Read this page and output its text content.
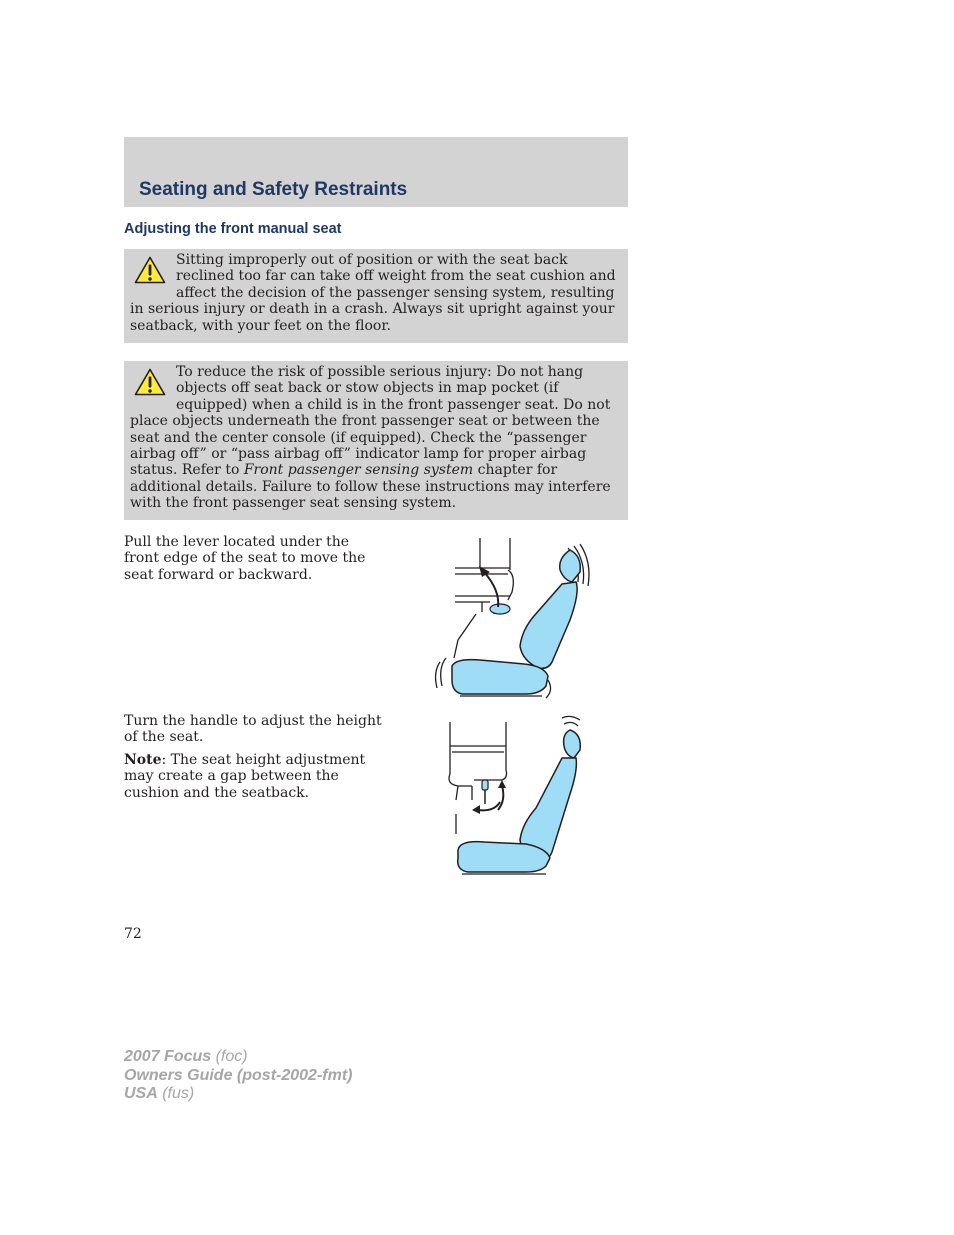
Seating and Safety Restraints
Adjusting the front manual seat

Sitting improperly out of position or with the seat back reclined too far can take off weight from the seat cushion and affect the decision of the passenger sensing system, resulting in serious injury or death in a crash. Always sit upright against your seatback, with your feet on the floor.

To reduce the risk of possible serious injury: Do not hang objects off seat back or stow objects in map pocket (if equipped) when a child is in the front passenger seat. Do not place objects underneath the front passenger seat or between the seat and the center console (if equipped). Check the “passenger airbag off” or “pass airbag off” indicator lamp for proper airbag status. Refer to Front passenger sensing system chapter for additional details. Failure to follow these instructions may interfere with the front passenger seat sensing system.

Pull the lever located under the front edge of the seat to move the seat forward or backward.

Turn the handle to adjust the height of the seat.

Note: The seat height adjustment may create a gap between the cushion and the seatback.

72

2007 Focus (foc)
Owners Guide (post-2002-fmt)
USA (fus)
